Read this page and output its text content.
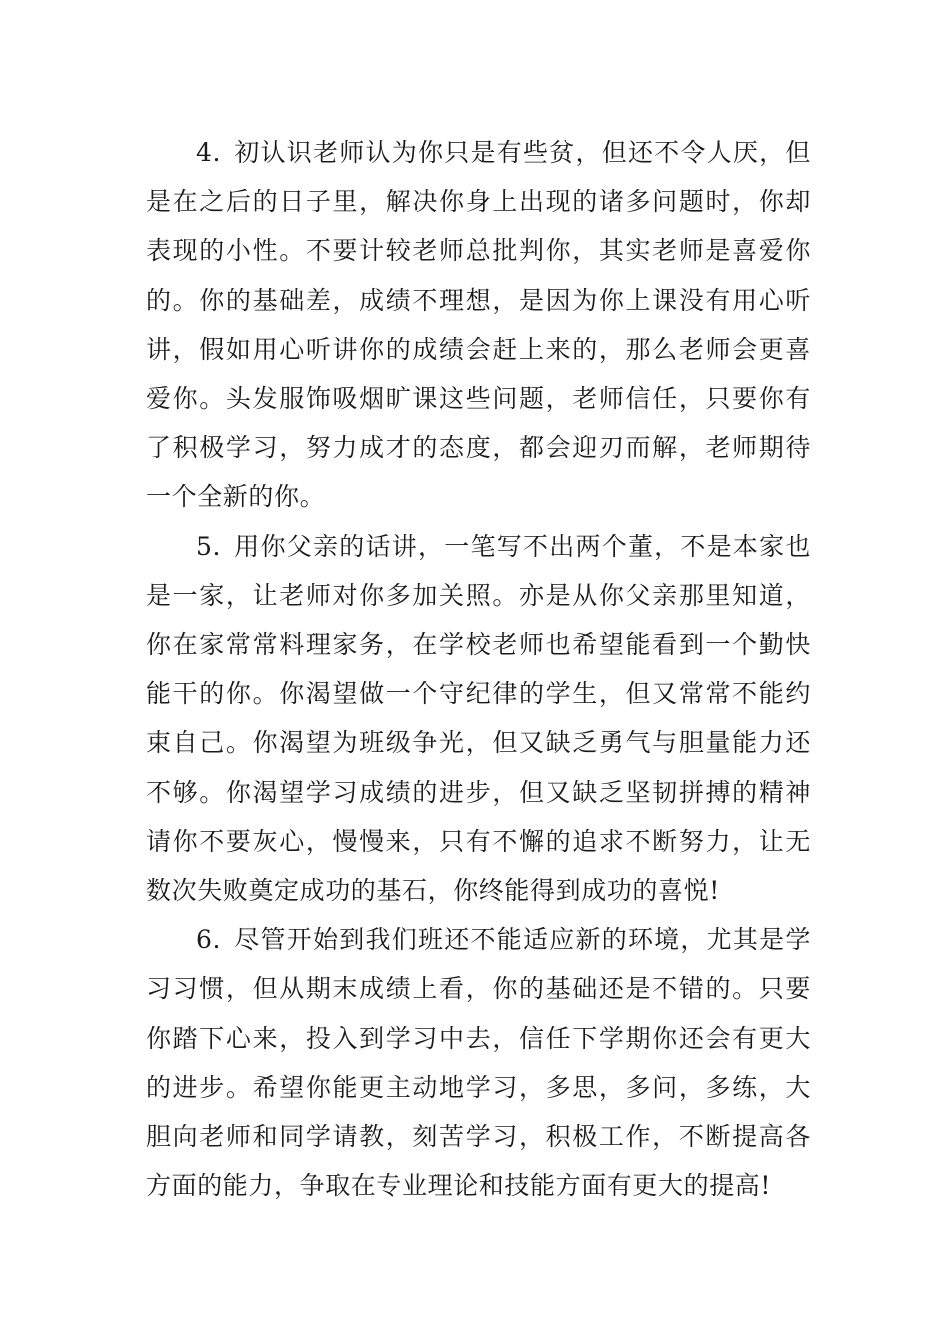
4. 初认识老师认为你只是有些贫，但还不令人厌，但是在之后的日子里，解决你身上出现的诸多问题时，你却表现的小性。不要计较老师总批判你，其实老师是喜爱你的。你的基础差，成绩不理想，是因为你上课没有用心听讲，假如用心听讲你的成绩会赶上来的，那么老师会更喜爱你。头发服饰吸烟旷课这些问题，老师信任，只要你有了积极学习，努力成才的态度，都会迎刃而解，老师期待一个全新的你。

5. 用你父亲的话讲，一笔写不出两个董，不是本家也是一家，让老师对你多加关照。亦是从你父亲那里知道，你在家常常料理家务，在学校老师也希望能看到一个勤快能干的你。你渴望做一个守纪律的学生，但又常常不能约束自己。你渴望为班级争光，但又缺乏勇气与胆量能力还不够。你渴望学习成绩的进步，但又缺乏坚韧拼搏的精神请你不要灰心，慢慢来，只有不懈的追求不断努力，让无数次失败奠定成功的基石，你终能得到成功的喜悦!

6. 尽管开始到我们班还不能适应新的环境，尤其是学习习惯，但从期末成绩上看，你的基础还是不错的。只要你踏下心来，投入到学习中去，信任下学期你还会有更大的进步。希望你能更主动地学习，多思，多问，多练，大胆向老师和同学请教，刻苦学习，积极工作，不断提高各方面的能力，争取在专业理论和技能方面有更大的提高!
